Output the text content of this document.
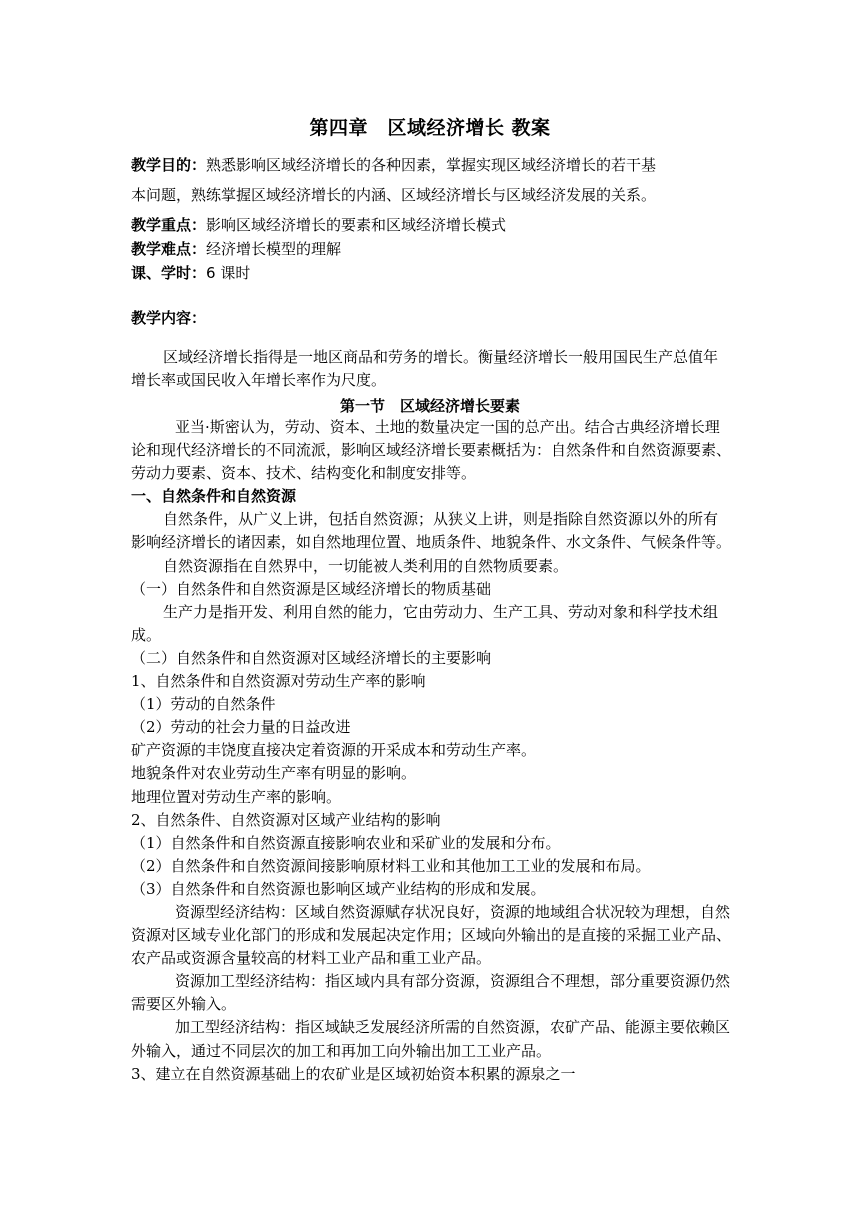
第四章　区域经济增长 教案
教学目的：熟悉影响区域经济增长的各种因素，掌握实现区域经济增长的若干基
本问题，熟练掌握区域经济增长的内涵、区域经济增长与区域经济发展的关系。
教学重点：影响区域经济增长的要素和区域经济增长模式
教学难点：经济增长模型的理解
课、学时：6 课时
教学内容：

区域经济增长指得是一地区商品和劳务的增长。衡量经济增长一般用国民生产总值年增长率或国民收入年增长率作为尺度。

第一节　区域经济增长要素

亚当·斯密认为，劳动、资本、土地的数量决定一国的总产出。结合古典经济增长理论和现代经济增长的不同流派，影响区域经济增长要素概括为：自然条件和自然资源要素、劳动力要素、资本、技术、结构变化和制度安排等。

一、自然条件和自然资源

自然条件，从广义上讲，包括自然资源；从狭义上讲，则是指除自然资源以外的所有影响经济增长的诸因素，如自然地理位置、地质条件、地貌条件、水文条件、气候条件等。

自然资源指在自然界中，一切能被人类利用的自然物质要素。

（一）自然条件和自然资源是区域经济增长的物质基础

生产力是指开发、利用自然的能力，它由劳动力、生产工具、劳动对象和科学技术组成。

（二）自然条件和自然资源对区域经济增长的主要影响

1、自然条件和自然资源对劳动生产率的影响

（1）劳动的自然条件

（2）劳动的社会力量的日益改进

矿产资源的丰饶度直接决定着资源的开采成本和劳动生产率。

地貌条件对农业劳动生产率有明显的影响。

地理位置对劳动生产率的影响。

2、自然条件、自然资源对区域产业结构的影响

（1）自然条件和自然资源直接影响农业和采矿业的发展和分布。

（2）自然条件和自然资源间接影响原材料工业和其他加工工业的发展和布局。

（3）自然条件和自然资源也影响区域产业结构的形成和发展。

资源型经济结构：区域自然资源赋存状况良好，资源的地域组合状况较为理想，自然资源对区域专业化部门的形成和发展起决定作用；区域向外输出的是直接的采掘工业产品、农产品或资源含量较高的材料工业产品和重工业产品。

资源加工型经济结构：指区域内具有部分资源，资源组合不理想，部分重要资源仍然需要区外输入。

加工型经济结构：指区域缺乏发展经济所需的自然资源，农矿产品、能源主要依赖区外输入，通过不同层次的加工和再加工向外输出加工工业产品。

3、建立在自然资源基础上的农矿业是区域初始资本积累的源泉之一
